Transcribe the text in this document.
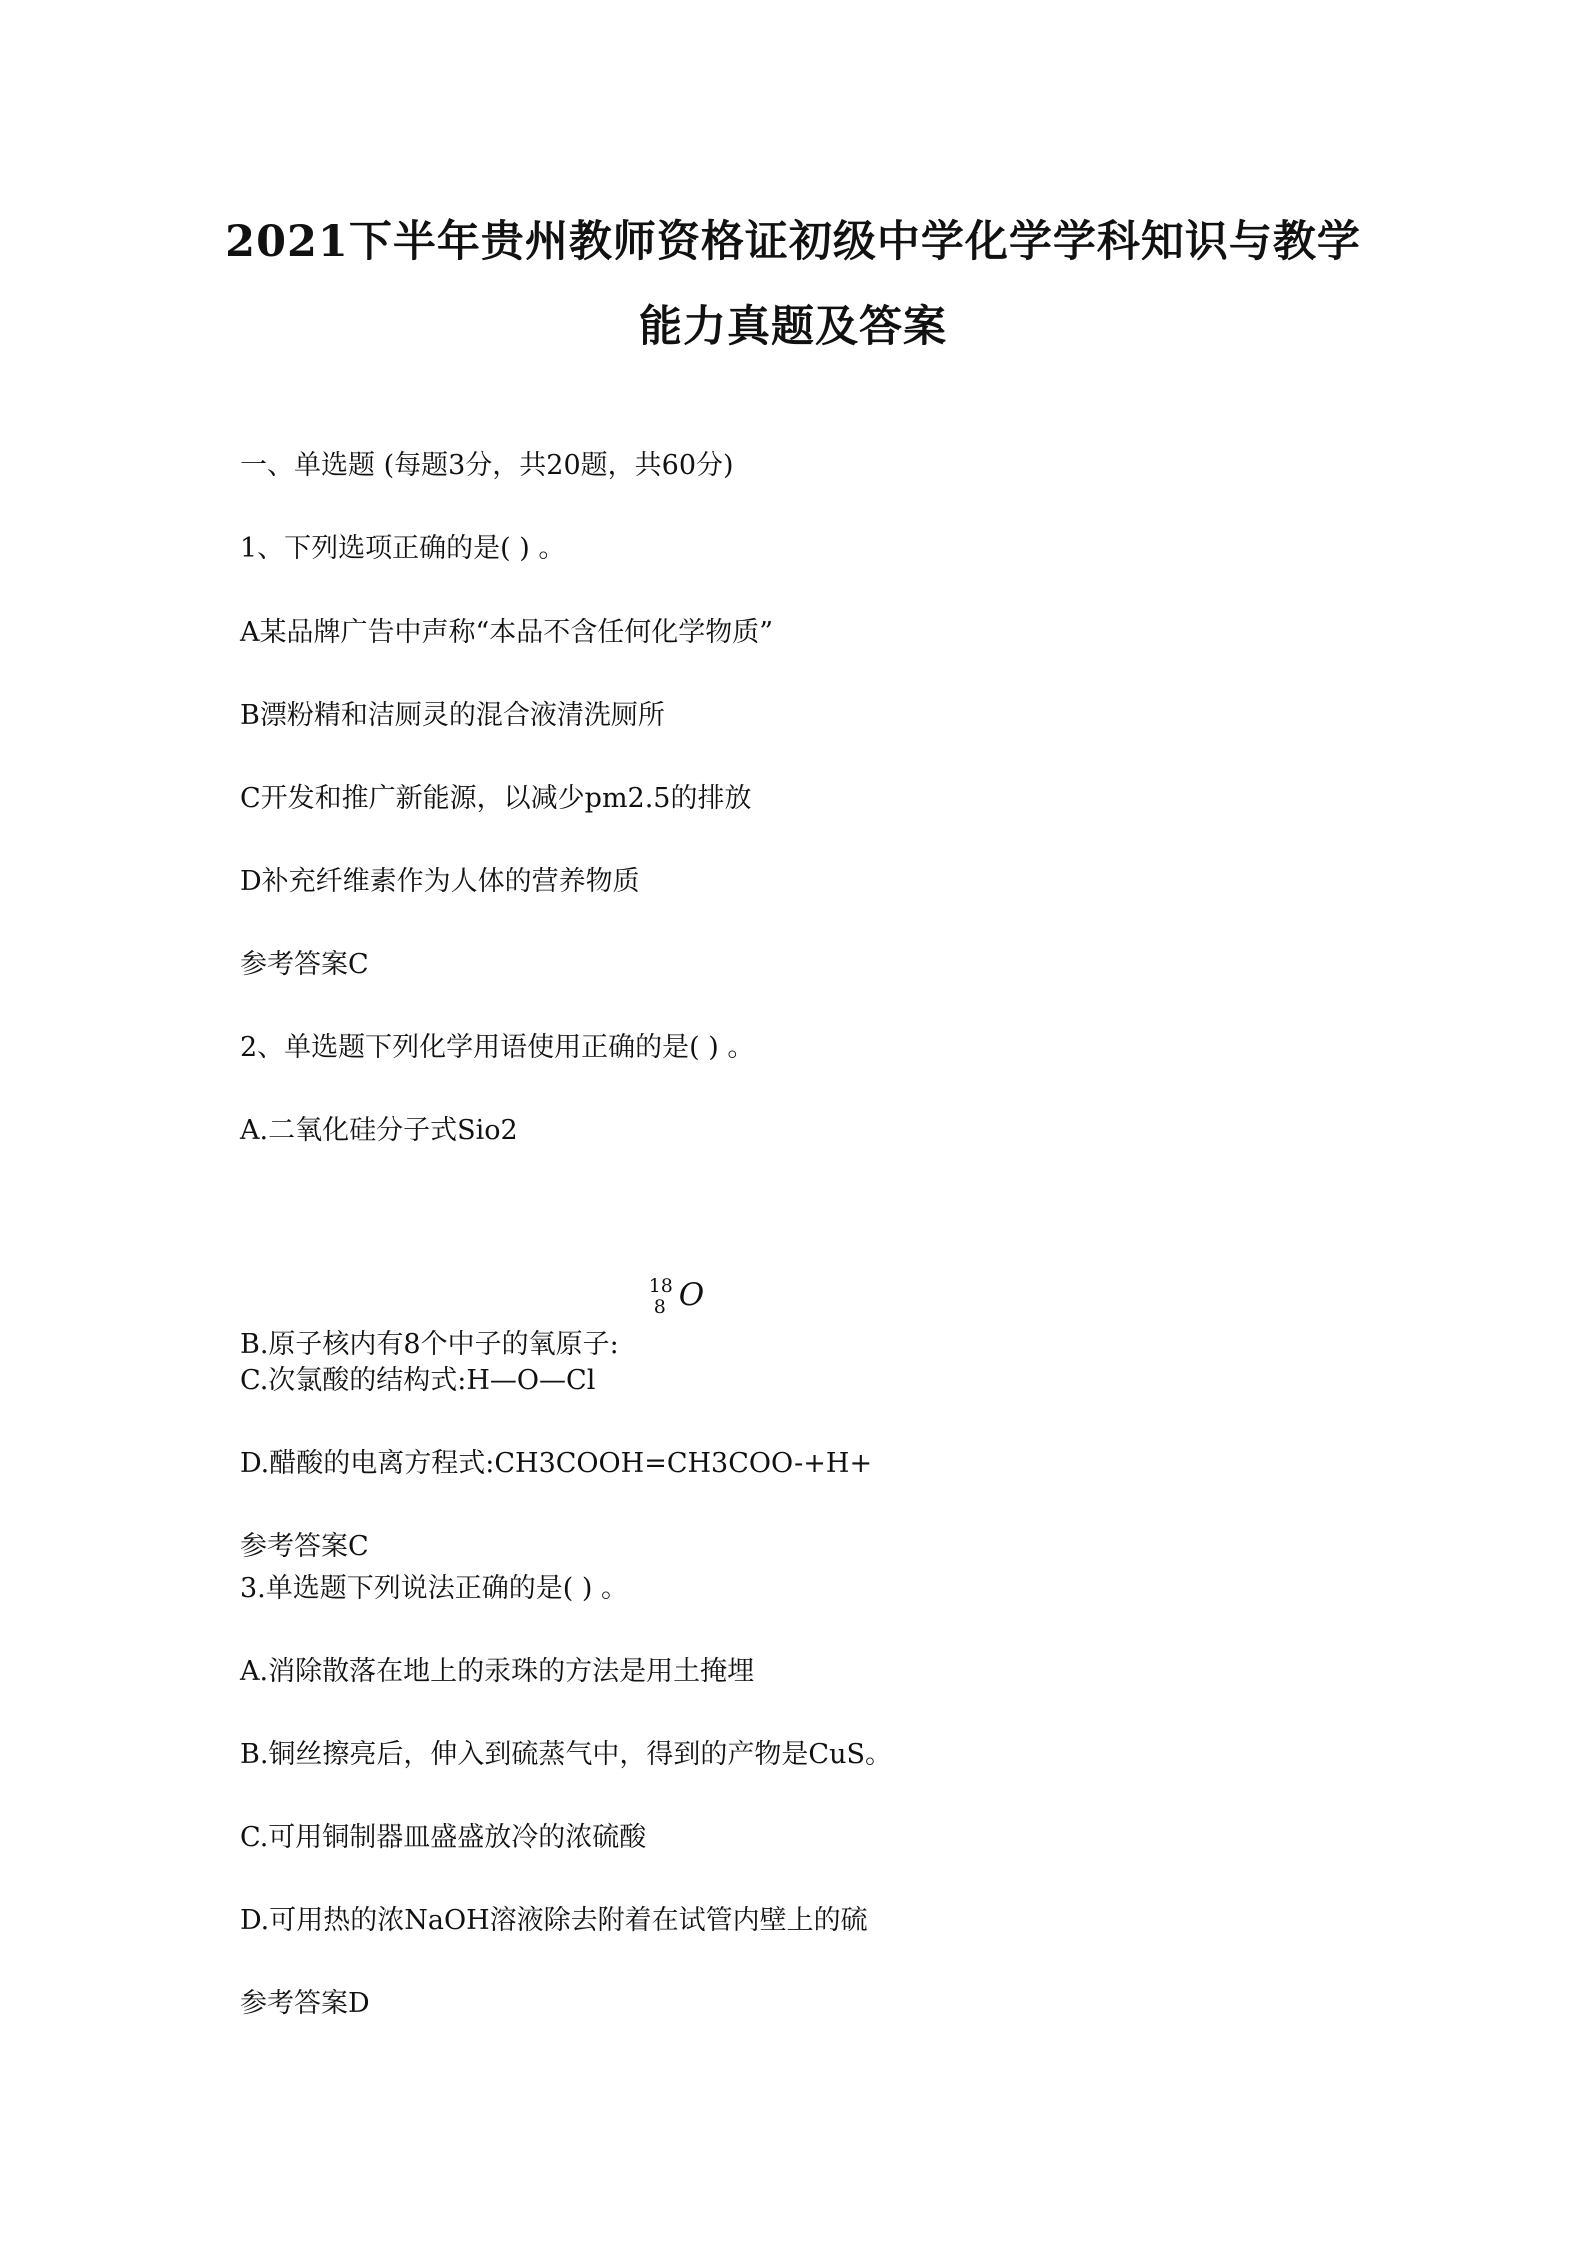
2021下半年贵州教师资格证初级中学化学学科知识与教学
能力真题及答案
一、单选题 (每题3分，共20题，共60分)
1、下列选项正确的是( ) 。
A某品牌广告中声称“本品不含任何化学物质”
B漂粉精和洁厕灵的混合液清洗厕所
C开发和推广新能源，以减少pm2.5的排放
D补充纤维素作为人体的营养物质
参考答案C
2、单选题下列化学用语使用正确的是( ) 。
A.二氧化硅分子式Sio2
B.原子核内有8个中子的氧原子:
18
8 O
C.次氯酸的结构式:H—O—Cl
D.醋酸的电离方程式:CH3COOH=CH3COO-+H+
参考答案C
3.单选题下列说法正确的是( ) 。
A.消除散落在地上的汞珠的方法是用土掩埋
B.铜丝擦亮后，伸入到硫蒸气中，得到的产物是CuS。
C.可用铜制器皿盛盛放冷的浓硫酸
D.可用热的浓NaOH溶液除去附着在试管内壁上的硫
参考答案D
